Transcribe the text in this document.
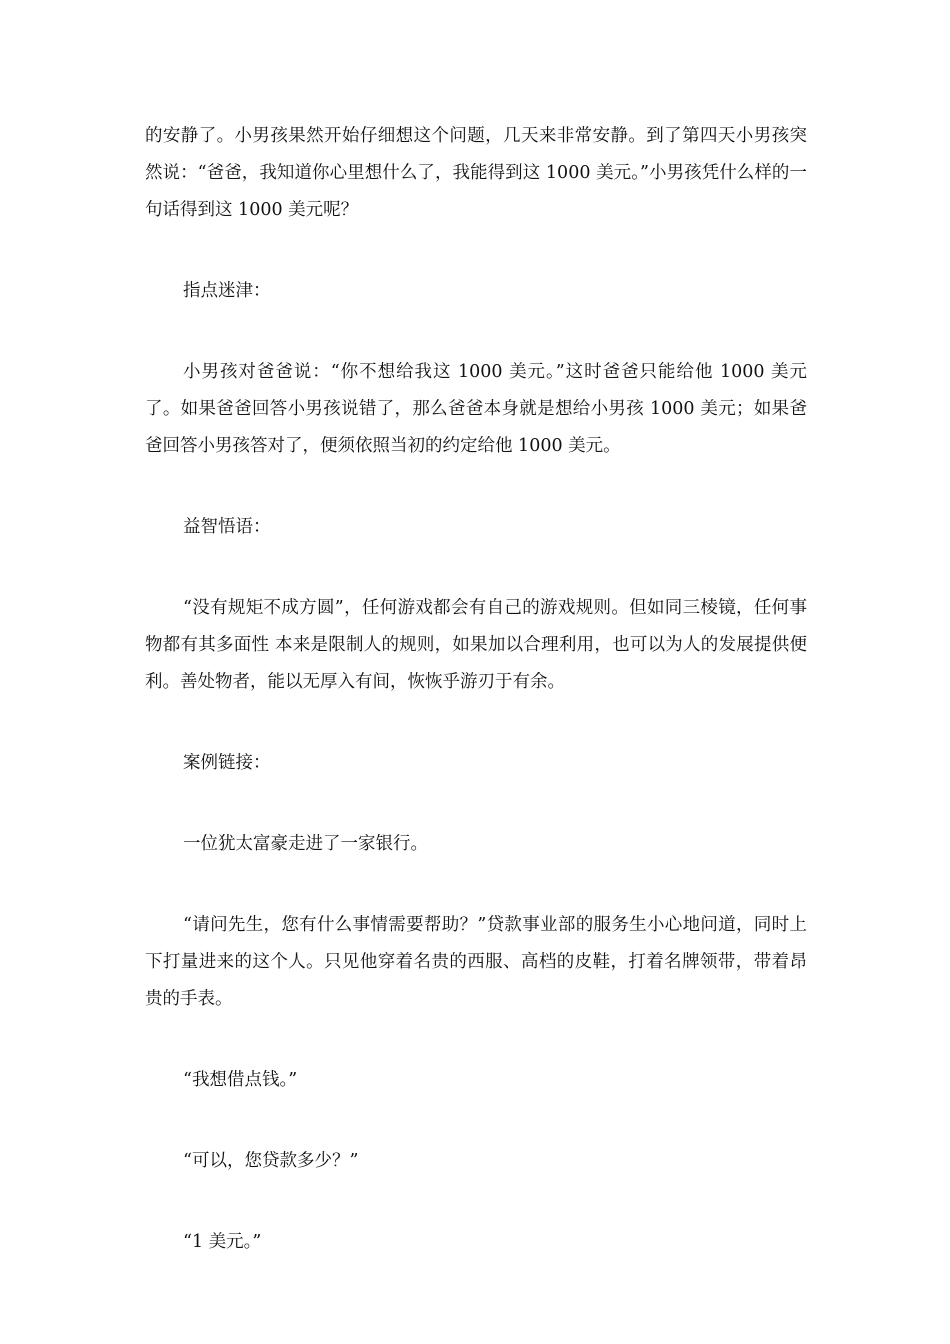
的安静了。小男孩果然开始仔细想这个问题，几天来非常安静。到了第四天小男孩突然说：“爸爸，我知道你心里想什么了，我能得到这 1000 美元。”小男孩凭什么样的一句话得到这 1000 美元呢？

指点迷津：

小男孩对爸爸说：“你不想给我这 1000 美元。”这时爸爸只能给他 1000 美元了。如果爸爸回答小男孩说错了，那么爸爸本身就是想给小男孩 1000 美元；如果爸爸回答小男孩答对了，便须依照当初的约定给他 1000 美元。

益智悟语：

“没有规矩不成方圆”，任何游戏都会有自己的游戏规则。但如同三棱镜，任何事物都有其多面性 本来是限制人的规则，如果加以合理利用，也可以为人的发展提供便利。善处物者，能以无厚入有间，恢恢乎游刃于有余。

案例链接：

一位犹太富豪走进了一家银行。

“请问先生，您有什么事情需要帮助？”贷款事业部的服务生小心地问道，同时上下打量进来的这个人。只见他穿着名贵的西服、高档的皮鞋，打着名牌领带，带着昂贵的手表。

“我想借点钱。”

“可以，您贷款多少？”

“1 美元。”
